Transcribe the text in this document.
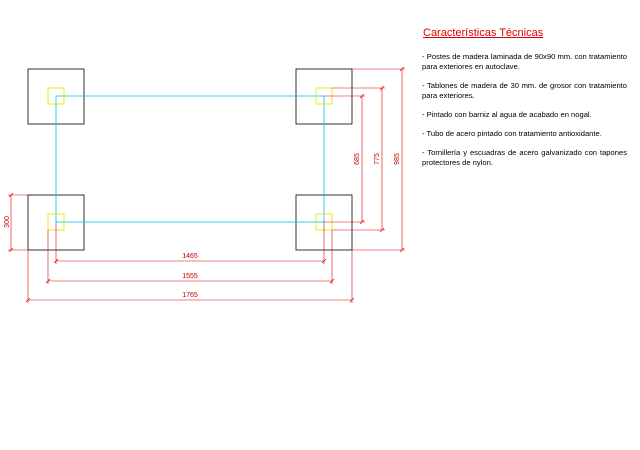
1465
1555
1765
685 775 985
300
Características Técnicas

- Postes de madera laminada de 90x90 mm. con tratamiento para exteriores en autoclave.

- Tablones de madera de 30 mm. de grosor con tratamiento para exteriores.

- Pintado con barniz al agua de acabado en nogal.

- Tubo de acero pintado con tratamiento antioxidante.

- Tornillería y escuadras de acero galvanizado con tapones protectores de nylon.
